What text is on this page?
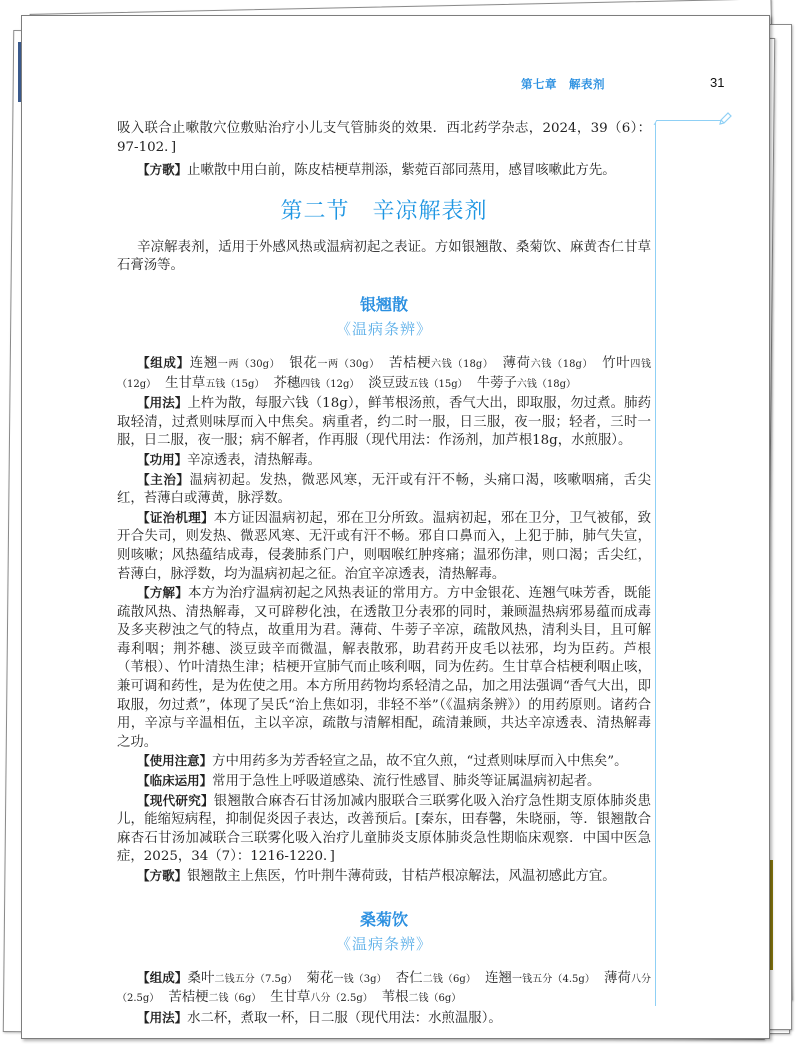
第七章　解表剂	31

吸入联合止嗽散穴位敷贴治疗小儿支气管肺炎的效果．西北药学杂志，2024，39（6）：97-102．]

【方歌】止嗽散中用白前，陈皮桔梗草荆添，紫菀百部同蒸用，感冒咳嗽此方先。

第二节　辛凉解表剂

辛凉解表剂，适用于外感风热或温病初起之表证。方如银翘散、桑菊饮、麻黄杏仁甘草石膏汤等。

银翘散
《温病条辨》

【组成】连翘一两（30g） 银花一两（30g） 苦桔梗六钱（18g） 薄荷六钱（18g） 竹叶四钱（12g） 生甘草五钱（15g） 芥穗四钱（12g） 淡豆豉五钱（15g） 牛蒡子六钱（18g）

【用法】上杵为散，每服六钱（18g），鲜苇根汤煎，香气大出，即取服，勿过煮。肺药取轻清，过煮则味厚而入中焦矣。病重者，约二时一服，日三服，夜一服；轻者，三时一服，日二服，夜一服；病不解者，作再服（现代用法：作汤剂，加芦根18g，水煎服）。

【功用】辛凉透表，清热解毒。

【主治】温病初起。发热，微恶风寒，无汗或有汗不畅，头痛口渴，咳嗽咽痛，舌尖红，苔薄白或薄黄，脉浮数。

【证治机理】本方证因温病初起，邪在卫分所致。温病初起，邪在卫分，卫气被郁，致开合失司，则发热、微恶风寒、无汗或有汗不畅。邪自口鼻而入，上犯于肺，肺气失宣，则咳嗽；风热蕴结成毒，侵袭肺系门户，则咽喉红肿疼痛；温邪伤津，则口渴；舌尖红，苔薄白，脉浮数，均为温病初起之征。治宜辛凉透表，清热解毒。

【方解】本方为治疗温病初起之风热表证的常用方。方中金银花、连翘气味芳香，既能疏散风热、清热解毒，又可辟秽化浊，在透散卫分表邪的同时，兼顾温热病邪易蕴而成毒及多夹秽浊之气的特点，故重用为君。薄荷、牛蒡子辛凉，疏散风热，清利头目，且可解毒利咽；荆芥穗、淡豆豉辛而微温，解表散邪，助君药开皮毛以祛邪，均为臣药。芦根（苇根）、竹叶清热生津；桔梗开宣肺气而止咳利咽，同为佐药。生甘草合桔梗利咽止咳，兼可调和药性，是为佐使之用。本方所用药物均系轻清之品，加之用法强调“香气大出，即取服，勿过煮”，体现了吴氏“治上焦如羽，非轻不举”（《温病条辨》）的用药原则。诸药合用，辛凉与辛温相伍，主以辛凉，疏散与清解相配，疏清兼顾，共达辛凉透表、清热解毒之功。

【使用注意】方中用药多为芳香轻宣之品，故不宜久煎，“过煮则味厚而入中焦矣”。

【临床运用】常用于急性上呼吸道感染、流行性感冒、肺炎等证属温病初起者。

【现代研究】银翘散合麻杏石甘汤加减内服联合三联雾化吸入治疗急性期支原体肺炎患儿，能缩短病程，抑制促炎因子表达，改善预后。[秦东，田春馨，朱晓丽，等．银翘散合麻杏石甘汤加减联合三联雾化吸入治疗儿童肺炎支原体肺炎急性期临床观察．中国中医急症，2025，34（7）：1216-1220．]

【方歌】银翘散主上焦医，竹叶荆牛薄荷豉，甘桔芦根凉解法，风温初感此方宜。

桑菊饮
《温病条辨》

【组成】桑叶二钱五分（7.5g） 菊花一钱（3g） 杏仁二钱（6g） 连翘一钱五分（4.5g） 薄荷八分（2.5g） 苦桔梗二钱（6g） 生甘草八分（2.5g） 苇根二钱（6g）

【用法】水二杯，煮取一杯，日二服（现代用法：水煎温服）。
